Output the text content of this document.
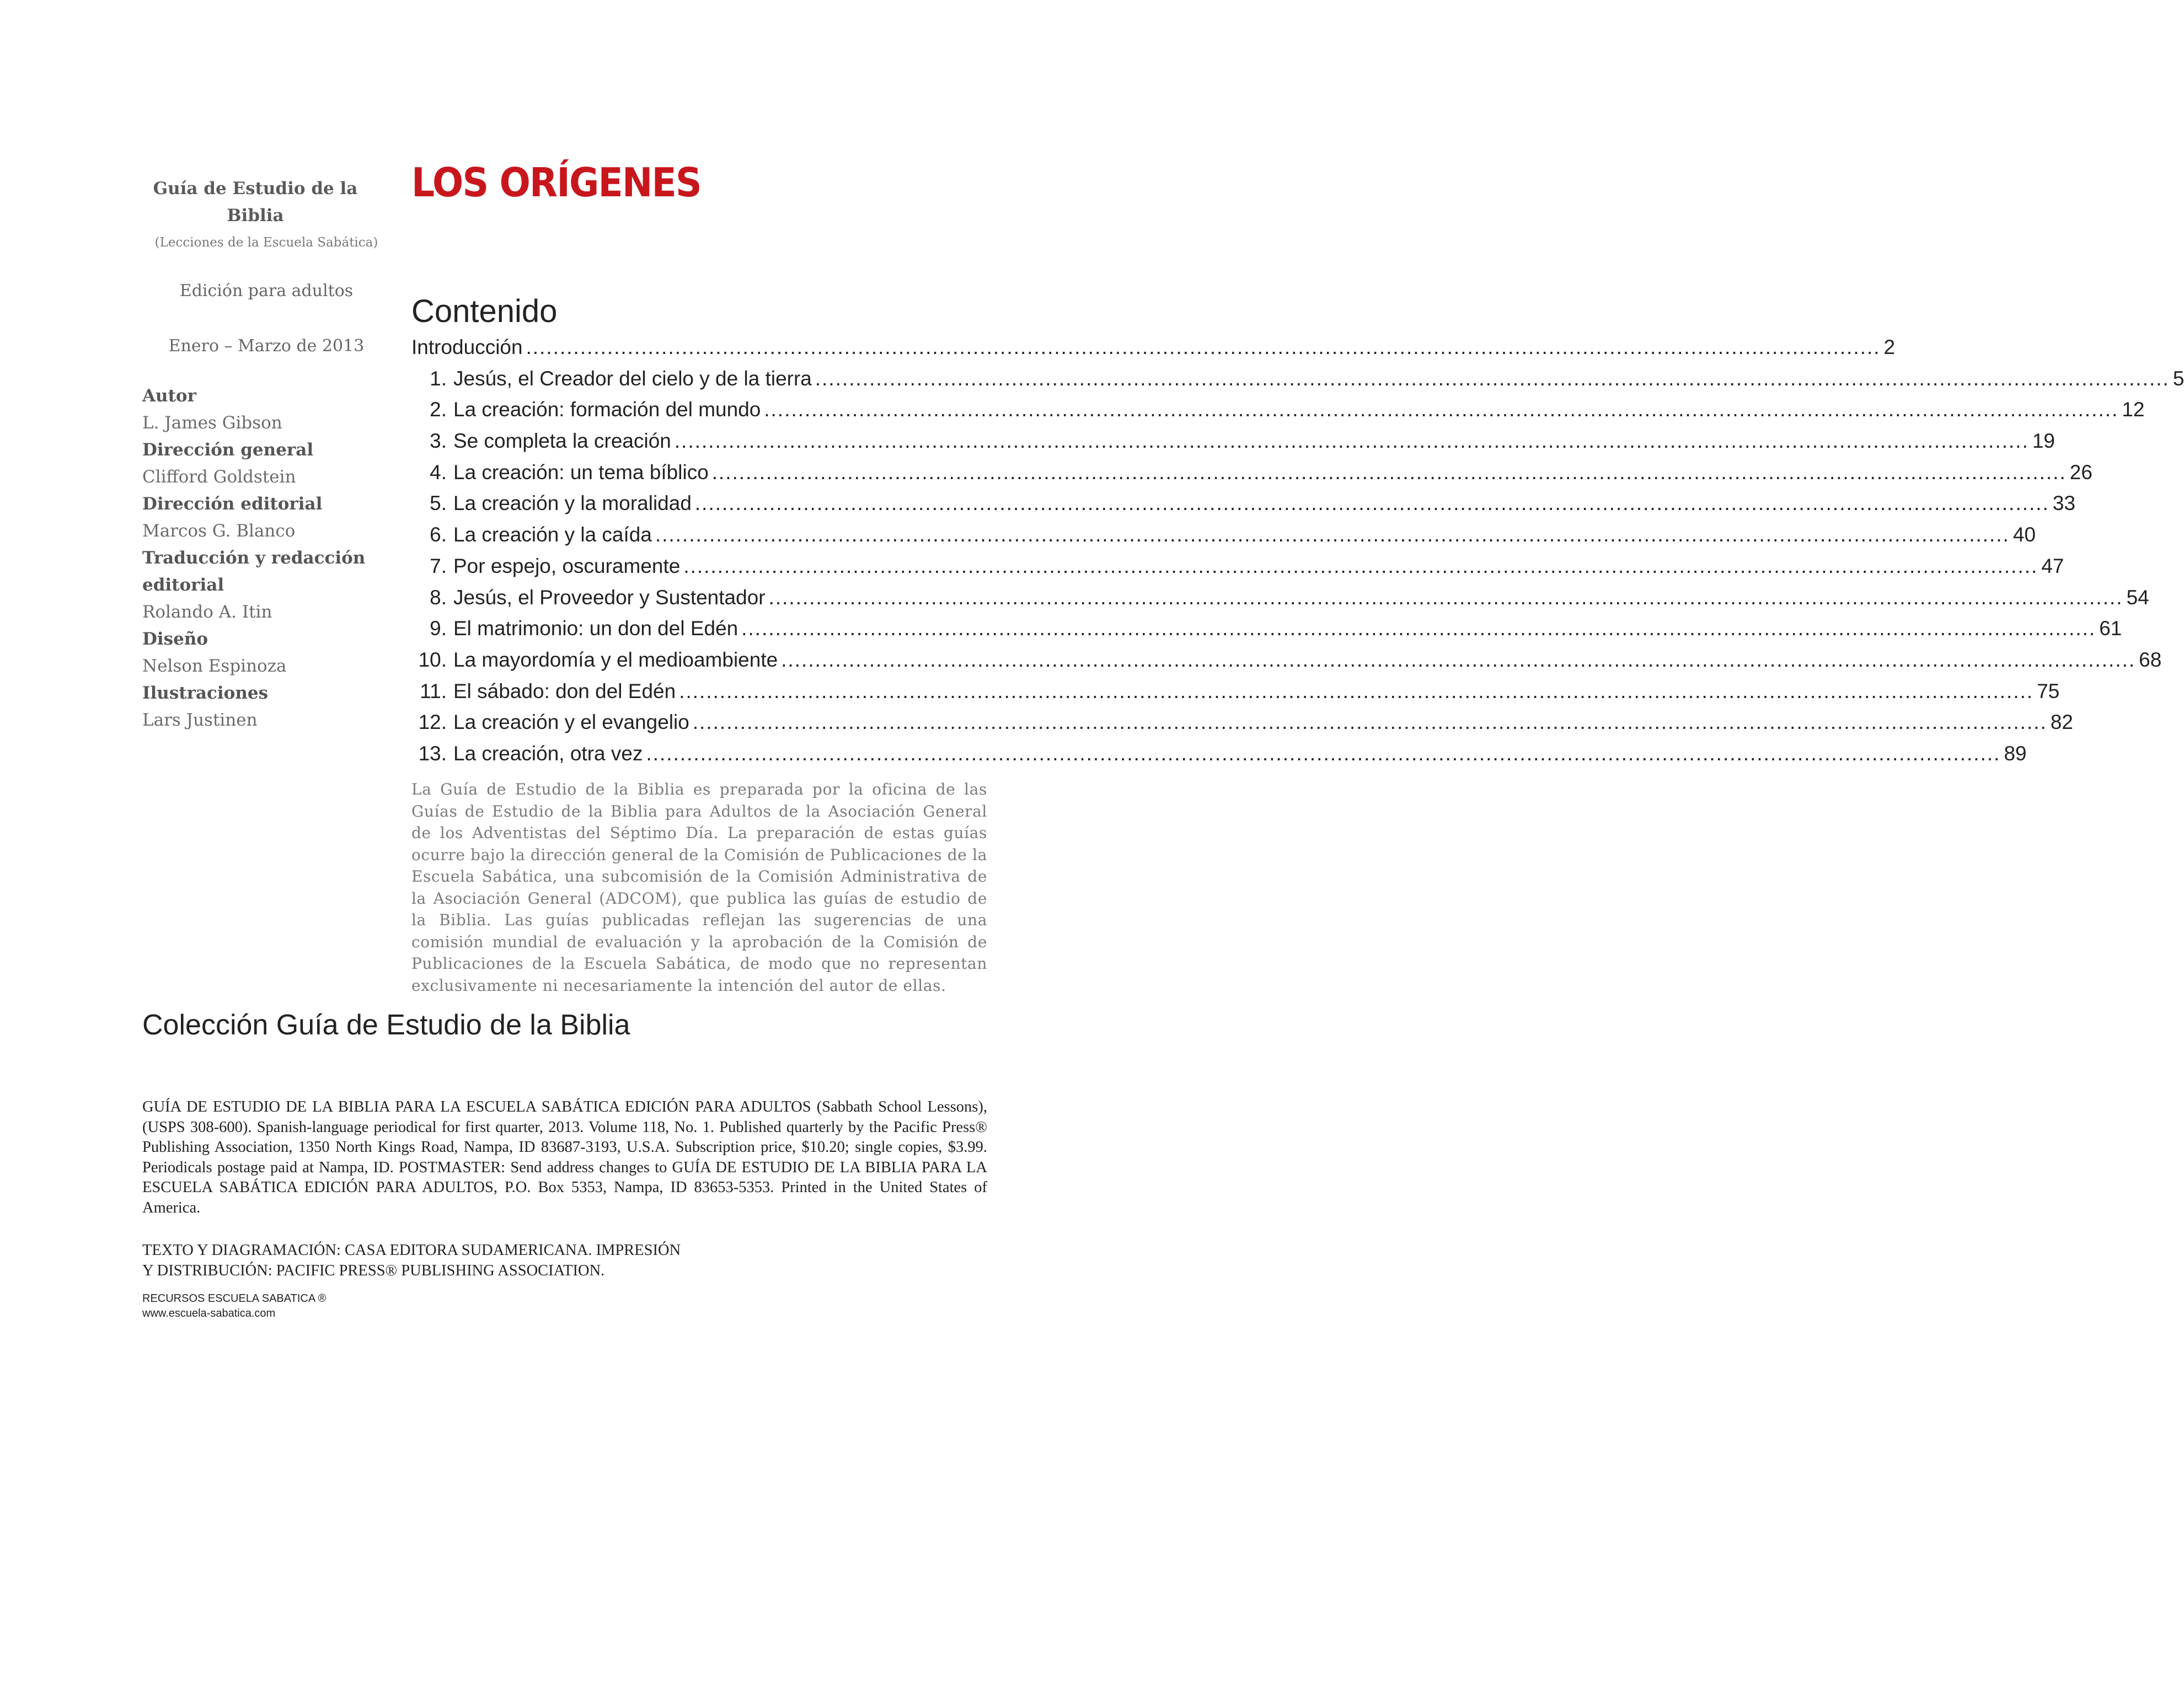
Guía de Estudio de la Biblia
(Lecciones de la Escuela Sabática)
Edición para adultos
Enero – Marzo de 2013
Autor
L. James Gibson
Dirección general
Clifford Goldstein
Dirección editorial
Marcos G. Blanco
Traducción y redacción editorial
Rolando A. Itin
Diseño
Nelson Espinoza
Ilustraciones
Lars Justinen
LOS ORÍGENES
Contenido
Introducción ........................................................................................................................................................................................................ 2
1. Jesús, el Creador del cielo y de la tierra ........................................................................................................................................................................................................ 5
2. La creación: formación del mundo ........................................................................................................................................................................................................ 12
3. Se completa la creación ........................................................................................................................................................................................................ 19
4. La creación: un tema bíblico ........................................................................................................................................................................................................ 26
5. La creación y la moralidad ........................................................................................................................................................................................................ 33
6. La creación y la caída ........................................................................................................................................................................................................ 40
7. Por espejo, oscuramente ........................................................................................................................................................................................................ 47
8. Jesús, el Proveedor y Sustentador ........................................................................................................................................................................................................ 54
9. El matrimonio: un don del Edén ........................................................................................................................................................................................................ 61
10. La mayordomía y el medioambiente ........................................................................................................................................................................................................ 68
11. El sábado: don del Edén ........................................................................................................................................................................................................ 75
12. La creación y el evangelio ........................................................................................................................................................................................................ 82
13. La creación, otra vez ........................................................................................................................................................................................................ 89
La Guía de Estudio de la Biblia es preparada por la oficina de las Guías de Estudio de la Biblia para Adultos de la Asociación General de los Adventistas del Séptimo Día. La preparación de estas guías ocurre bajo la dirección general de la Comisión de Publicaciones de la Escuela Sabática, una subcomisión de la Comisión Administrativa de la Asociación General (ADCOM), que publica las guías de estudio de la Biblia. Las guías publicadas reflejan las sugerencias de una comisión mundial de evaluación y la aprobación de la Comisión de Publicaciones de la Escuela Sabática, de modo que no representan exclusivamente ni necesariamente la intención del autor de ellas.
Colección Guía de Estudio de la Biblia
GUÍA DE ESTUDIO DE LA BIBLIA PARA LA ESCUELA SABÁTICA EDICIÓN PARA ADULTOS (Sabbath School Lessons), (USPS 308-600). Spanish-language periodical for first quarter, 2013. Volume 118, No. 1. Published quarterly by the Pacific Press® Publishing Association, 1350 North Kings Road, Nampa, ID 83687-3193, U.S.A. Subscription price, $10.20; single copies, $3.99. Periodicals postage paid at Nampa, ID. POSTMASTER: Send address changes to GUÍA DE ESTUDIO DE LA BIBLIA PARA LA ESCUELA SABÁTICA EDICIÓN PARA ADULTOS, P.O. Box 5353, Nampa, ID 83653-5353. Printed in the United States of America.
TEXTO Y DIAGRAMACIÓN: CASA EDITORA SUDAMERICANA. IMPRESIÓN
Y DISTRIBUCIÓN: PACIFIC PRESS® PUBLISHING ASSOCIATION.
RECURSOS ESCUELA SABATICA ®
www.escuela-sabatica.com
